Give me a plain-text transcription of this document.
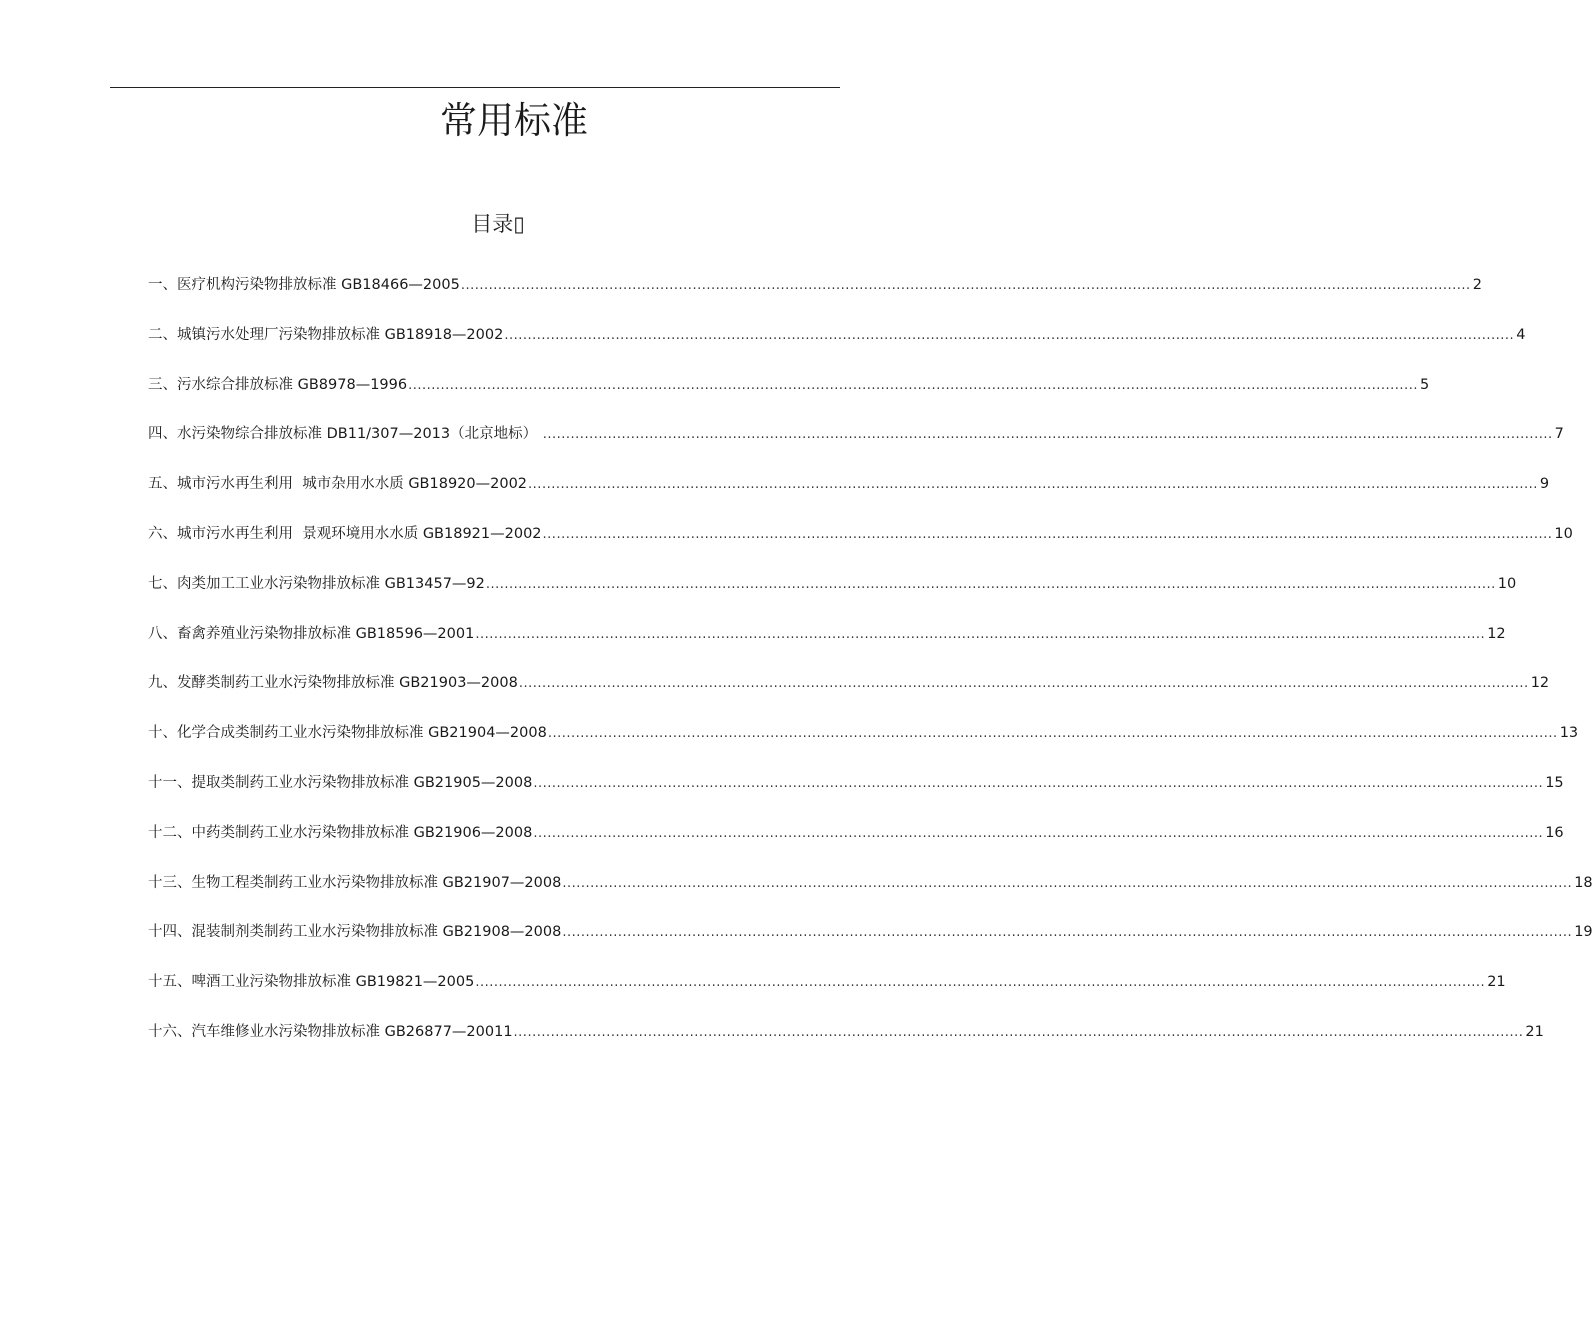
常用标准
目录▯
一、 医疗机构污染物排放标准 GB18466—2005 .....	2
二、 城镇污水处理厂污染物排放标准 GB18918—2002 .....	4
三、 污水综合排放标准 GB8978—1996 .....	5
四、 水污染物综合排放标准 DB11/307—2013（北京地标） .....	7
五、 城市污水再生利用  城市杂用水水质 GB18920—2002 .....	9
六、 城市污水再生利用  景观环境用水水质 GB18921—2002 .....	10
七、 肉类加工工业水污染物排放标准 GB13457—92 .....	10
八、 畜禽养殖业污染物排放标准 GB18596—2001 .....	12
九、 发酵类制药工业水污染物排放标准 GB21903—2008 .....	12
十、 化学合成类制药工业水污染物排放标准 GB21904—2008 .....	13
十一、 提取类制药工业水污染物排放标准 GB21905—2008 .....	15
十二、 中药类制药工业水污染物排放标准 GB21906—2008 .....	16
十三、 生物工程类制药工业水污染物排放标准 GB21907—2008 .....	18
十四、 混装制剂类制药工业水污染物排放标准 GB21908—2008 .....	19
十五、 啤酒工业污染物排放标准 GB19821—2005 .....	21
十六、 汽车维修业水污染物排放标准 GB26877—20011 .....	21
